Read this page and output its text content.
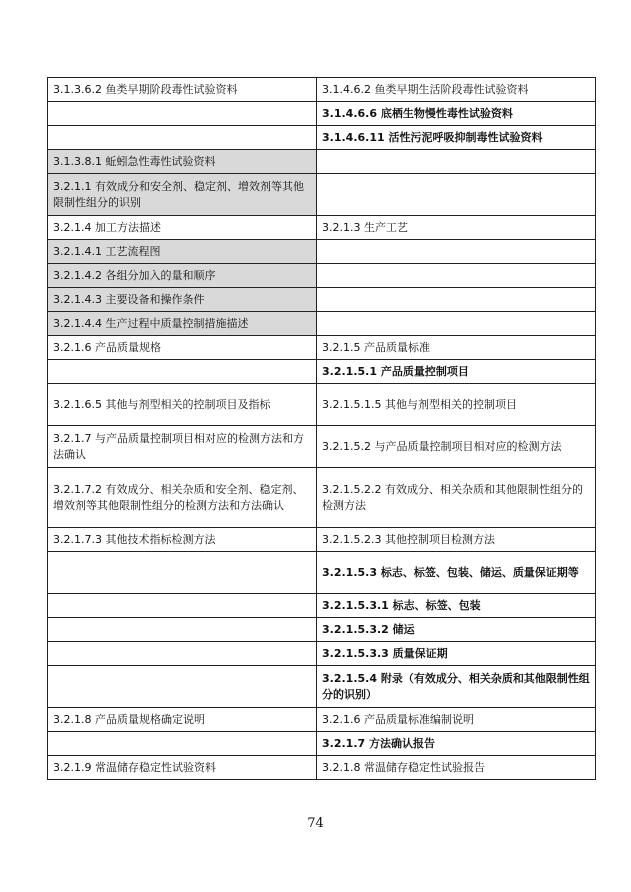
3.1.3.6.2 鱼类早期阶段毒性试验资料	3.1.4.6.2 鱼类早期生活阶段毒性试验资料
	3.1.4.6.6 底栖生物慢性毒性试验资料
	3.1.4.6.11 活性污泥呼吸抑制毒性试验资料
3.1.3.8.1 蚯蚓急性毒性试验资料	
3.2.1.1 有效成分和安全剂、稳定剂、增效剂等其他限制性组分的识别	
3.2.1.4 加工方法描述	3.2.1.3 生产工艺
3.2.1.4.1 工艺流程图	
3.2.1.4.2 各组分加入的量和顺序	
3.2.1.4.3 主要设备和操作条件	
3.2.1.4.4 生产过程中质量控制措施描述	
3.2.1.6 产品质量规格	3.2.1.5 产品质量标准
	3.2.1.5.1 产品质量控制项目
3.2.1.6.5 其他与剂型相关的控制项目及指标	3.2.1.5.1.5 其他与剂型相关的控制项目
3.2.1.7 与产品质量控制项目相对应的检测方法和方法确认	3.2.1.5.2 与产品质量控制项目相对应的检测方法
3.2.1.7.2 有效成分、相关杂质和安全剂、稳定剂、增效剂等其他限制性组分的检测方法和方法确认	3.2.1.5.2.2 有效成分、相关杂质和其他限制性组分的检测方法
3.2.1.7.3 其他技术指标检测方法	3.2.1.5.2.3 其他控制项目检测方法
	3.2.1.5.3 标志、标签、包装、储运、质量保证期等
	3.2.1.5.3.1 标志、标签、包装
	3.2.1.5.3.2 储运
	3.2.1.5.3.3 质量保证期
	3.2.1.5.4 附录（有效成分、相关杂质和其他限制性组分的识别）
3.2.1.8 产品质量规格确定说明	3.2.1.6 产品质量标准编制说明
	3.2.1.7 方法确认报告
3.2.1.9 常温储存稳定性试验资料	3.2.1.8 常温储存稳定性试验报告
74
